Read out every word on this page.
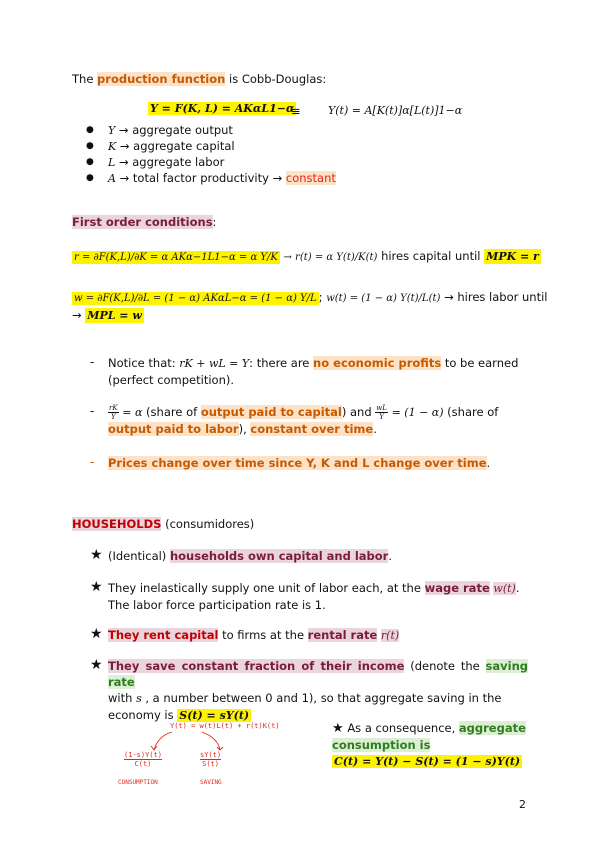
The production function is Cobb-Douglas:
Y = F(K, L) = AKαL1−α
≡ Y(t) = A[K(t)]α[L(t)]1−α
● Y → aggregate output
● K → aggregate capital
● L → aggregate labor
● A → total factor productivity → constant
First order conditions:
r = ∂F(K,L)/∂K = α AKα−1L1−α = α Y/K → r(t) = α Y(t)/K(t) hires capital until MPK = r
w = ∂F(K,L)/∂L = (1 − α) AKαL−α = (1 − α) Y/L ; w(t) = (1 − α) Y(t)/L(t) → hires labor until
→ MPL = w
- Notice that: rK + wL = Y: there are no economic profits to be earned
(perfect competition).
- $\frac{rK}{Y} = \alpha$ (share of output paid to capital) and $\frac{wL}{Y} = (1 - \alpha)$ (share of
output paid to labor), constant over time.
- Prices change over time since Y, K and L change over time.
HOUSEHOLDS (consumidores)
★ (Identical) households own capital and labor.
★ They inelastically supply one unit of labor each, at the wage rate w(t).
The labor force participation rate is 1.
★ They rent capital to firms at the rental rate r(t)
★ They save constant fraction of their income (denote the saving rate
with s , a number between 0 and 1), so that aggregate saving in the
economy is S(t) = sY(t)
★ As a consequence, aggregate
consumption is
C(t) = Y(t) − S(t) = (1 − s)Y(t)
Y(t) = w(t)L(t) + r(t)K(t)
(1-s)Y(t)
C(t)
sY(t)
S(t)
CONSUMPTION	SAVING
2
